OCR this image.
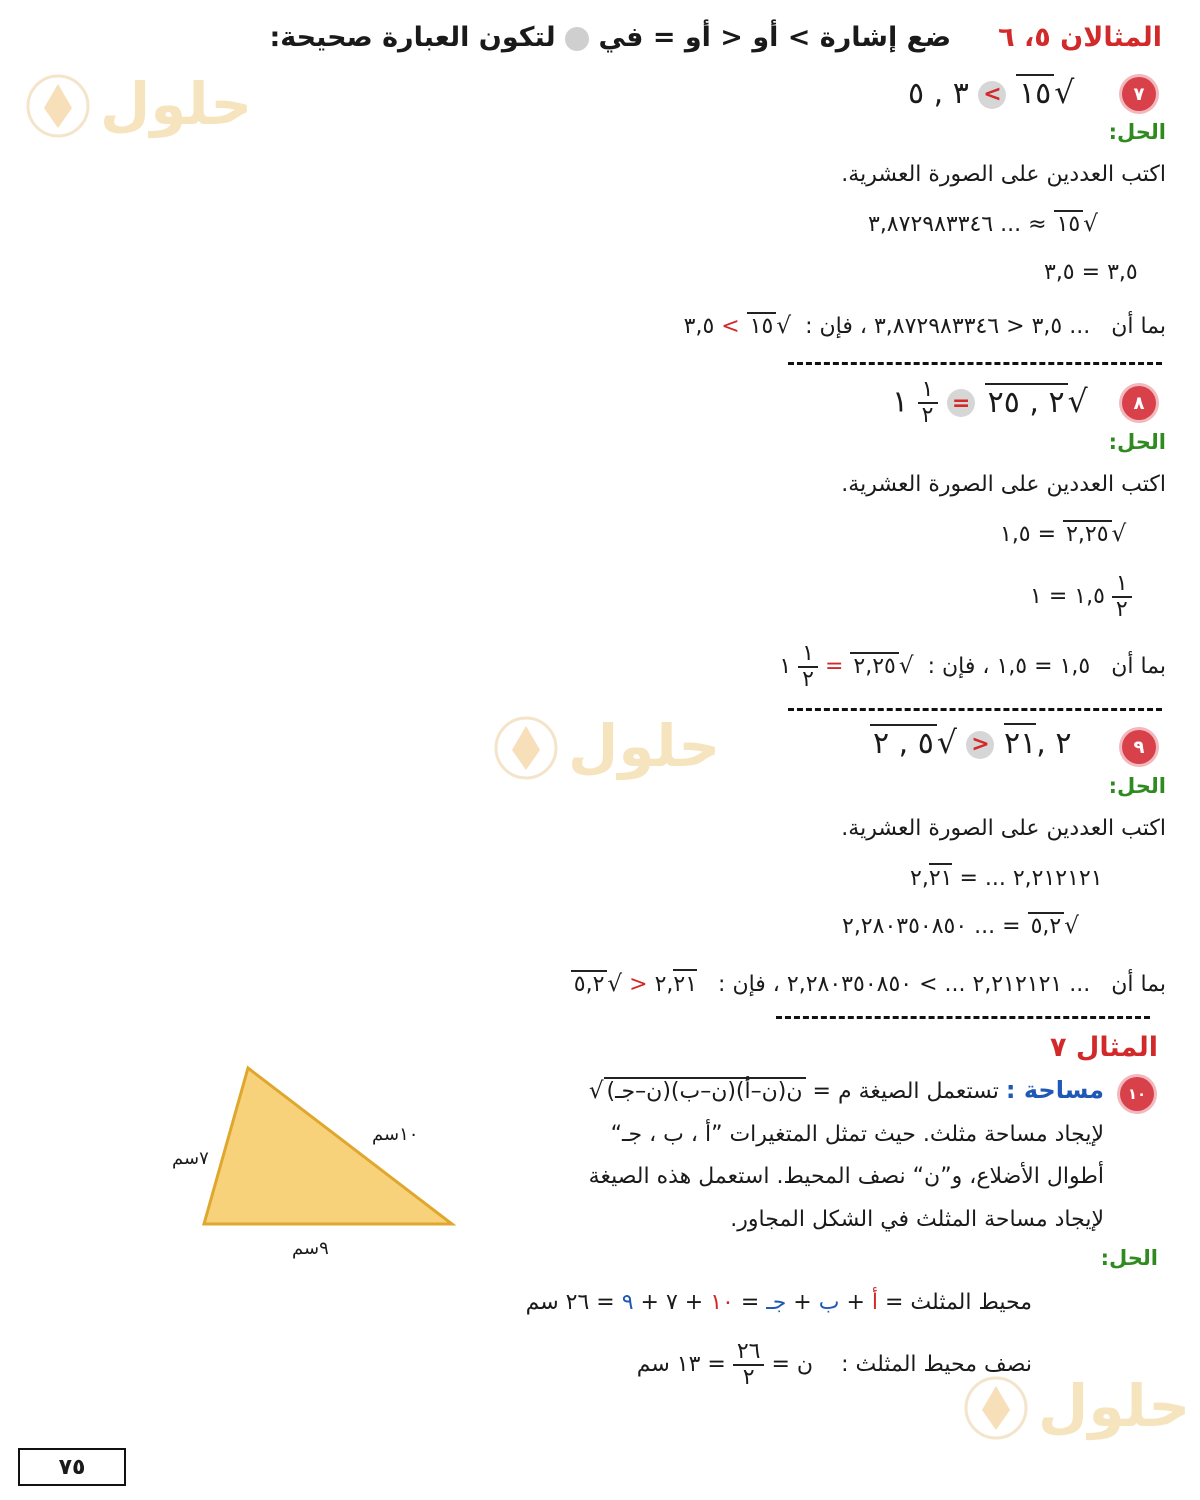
حلول
حلول
حلول
المثالان ٥، ٦     ضع إشارة > أو < أو = في  لتكون العبارة صحيحة:
٧
٣ , ٥ <
١٥ √
الحل:
اكتب العددين على الصورة العشرية.
٣,٨٧٢٩٨٣٣٤٦ ... ≈ ١٥ √
٣,٥ = ٣,٥
بما أن   ٣,٥ < ٣,٨٧٢٩٨٣٣٤٦ ... ، فإن :  ٣,٥ < ١٥ √
٨
١ $\frac{١}{٢}$
=
٢ , ٢٥ √
الحل:
اكتب العددين على الصورة العشرية.
١,٥ = ٢,٢٥ √
١,٥ = ١	$\frac{١}{٢}$
بما أن   ١,٥ = ١,٥ ، فإن :  ١ $\frac{١}{٢}$ = ٢,٢٥ √
٩
٥ , ٢ √
> ٢ ,٢١
الحل:
اكتب العددين على الصورة العشرية.
٢,٢١٢١٢١ ... = ٢,٢١
٢,٢٨٠٣٥٠٨٥٠ ... = ٥,٢ √
بما أن   ٢,٢١٢١٢١ ... > ٢,٢٨٠٣٥٠٨٥٠ ... ، فإن :
٥,٢ √ > ٢,٢١
المثال ٧
١٠
مساحة : تستعمل الصيغة م =
√ ن(ن–أ)(ن–ب)(ن–جـ)
لإيجاد مساحة مثلث. حيث تمثل المتغيرات ”أ ، ب ، جـ“
أطوال الأضلاع، و”ن“ نصف المحيط. استعمل هذه الصيغة
لإيجاد مساحة المثلث في الشكل المجاور.
الحل:
١٠سم
٧سم
٩سم
محيط المثلث = أ + ب + جـ = ١٠ + ٧ + ٩ = ٢٦ سم
نصف محيط المثلث :    ن =
$\frac{٢٦}{٢}$
= ١٣ سم
٧٥
